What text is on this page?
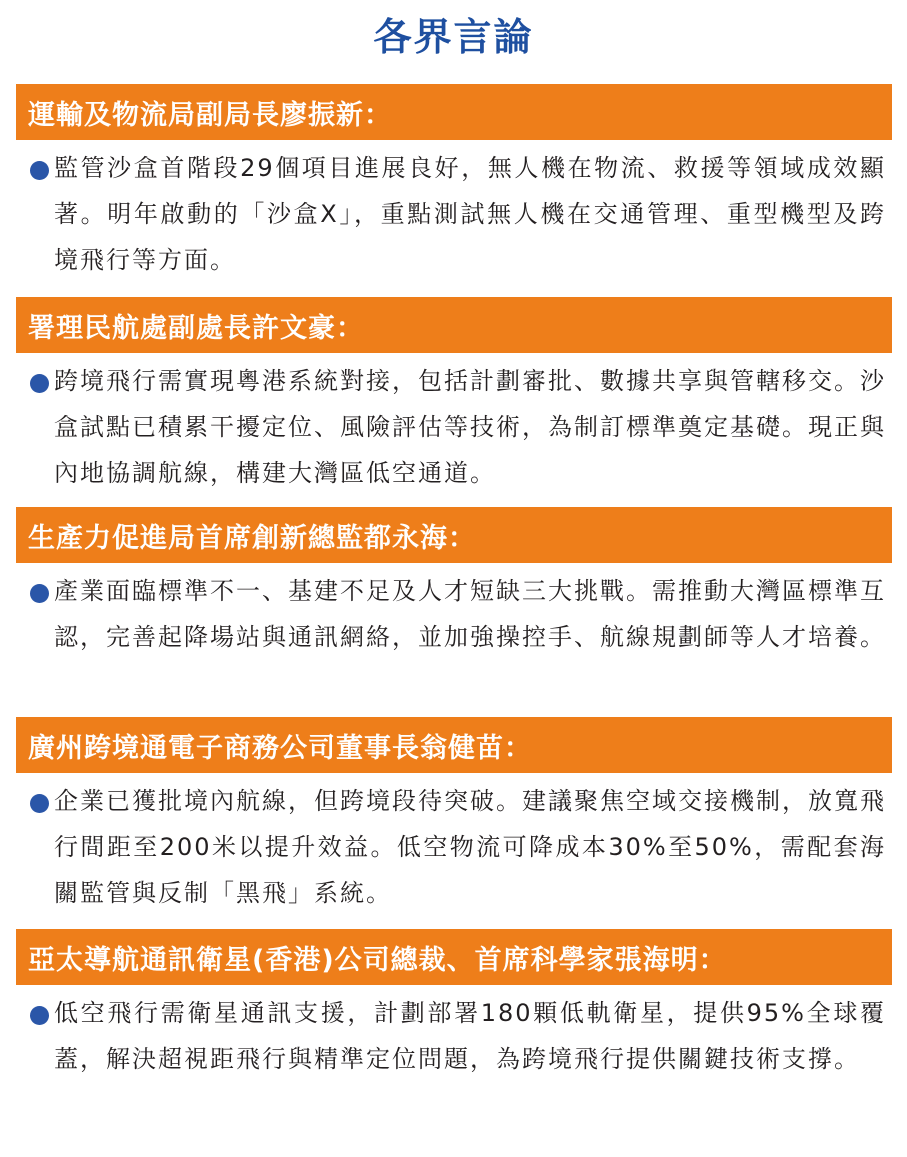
各界言論
運輸及物流局副局長廖振新：
監管沙盒首階段29個項目進展良好，無人機在物流、救援等領域成效顯著。明年啟動的「沙盒X」，重點測試無人機在交通管理、重型機型及跨境飛行等方面。
署理民航處副處長許文豪：
跨境飛行需實現粵港系統對接，包括計劃審批、數據共享與管轄移交。沙盒試點已積累干擾定位、風險評估等技術，為制訂標準奠定基礎。現正與內地協調航線，構建大灣區低空通道。
生產力促進局首席創新總監都永海：
產業面臨標準不一、基建不足及人才短缺三大挑戰。需推動大灣區標準互認，完善起降場站與通訊網絡，並加強操控手、航線規劃師等人才培養。
廣州跨境通電子商務公司董事長翁健苗：
企業已獲批境內航線，但跨境段待突破。建議聚焦空域交接機制，放寬飛行間距至200米以提升效益。低空物流可降成本30%至50%，需配套海關監管與反制「黑飛」系統。
亞太導航通訊衛星(香港)公司總裁、首席科學家張海明：
低空飛行需衛星通訊支援，計劃部署180顆低軌衛星，提供95%全球覆蓋，解決超視距飛行與精準定位問題，為跨境飛行提供關鍵技術支撐。
